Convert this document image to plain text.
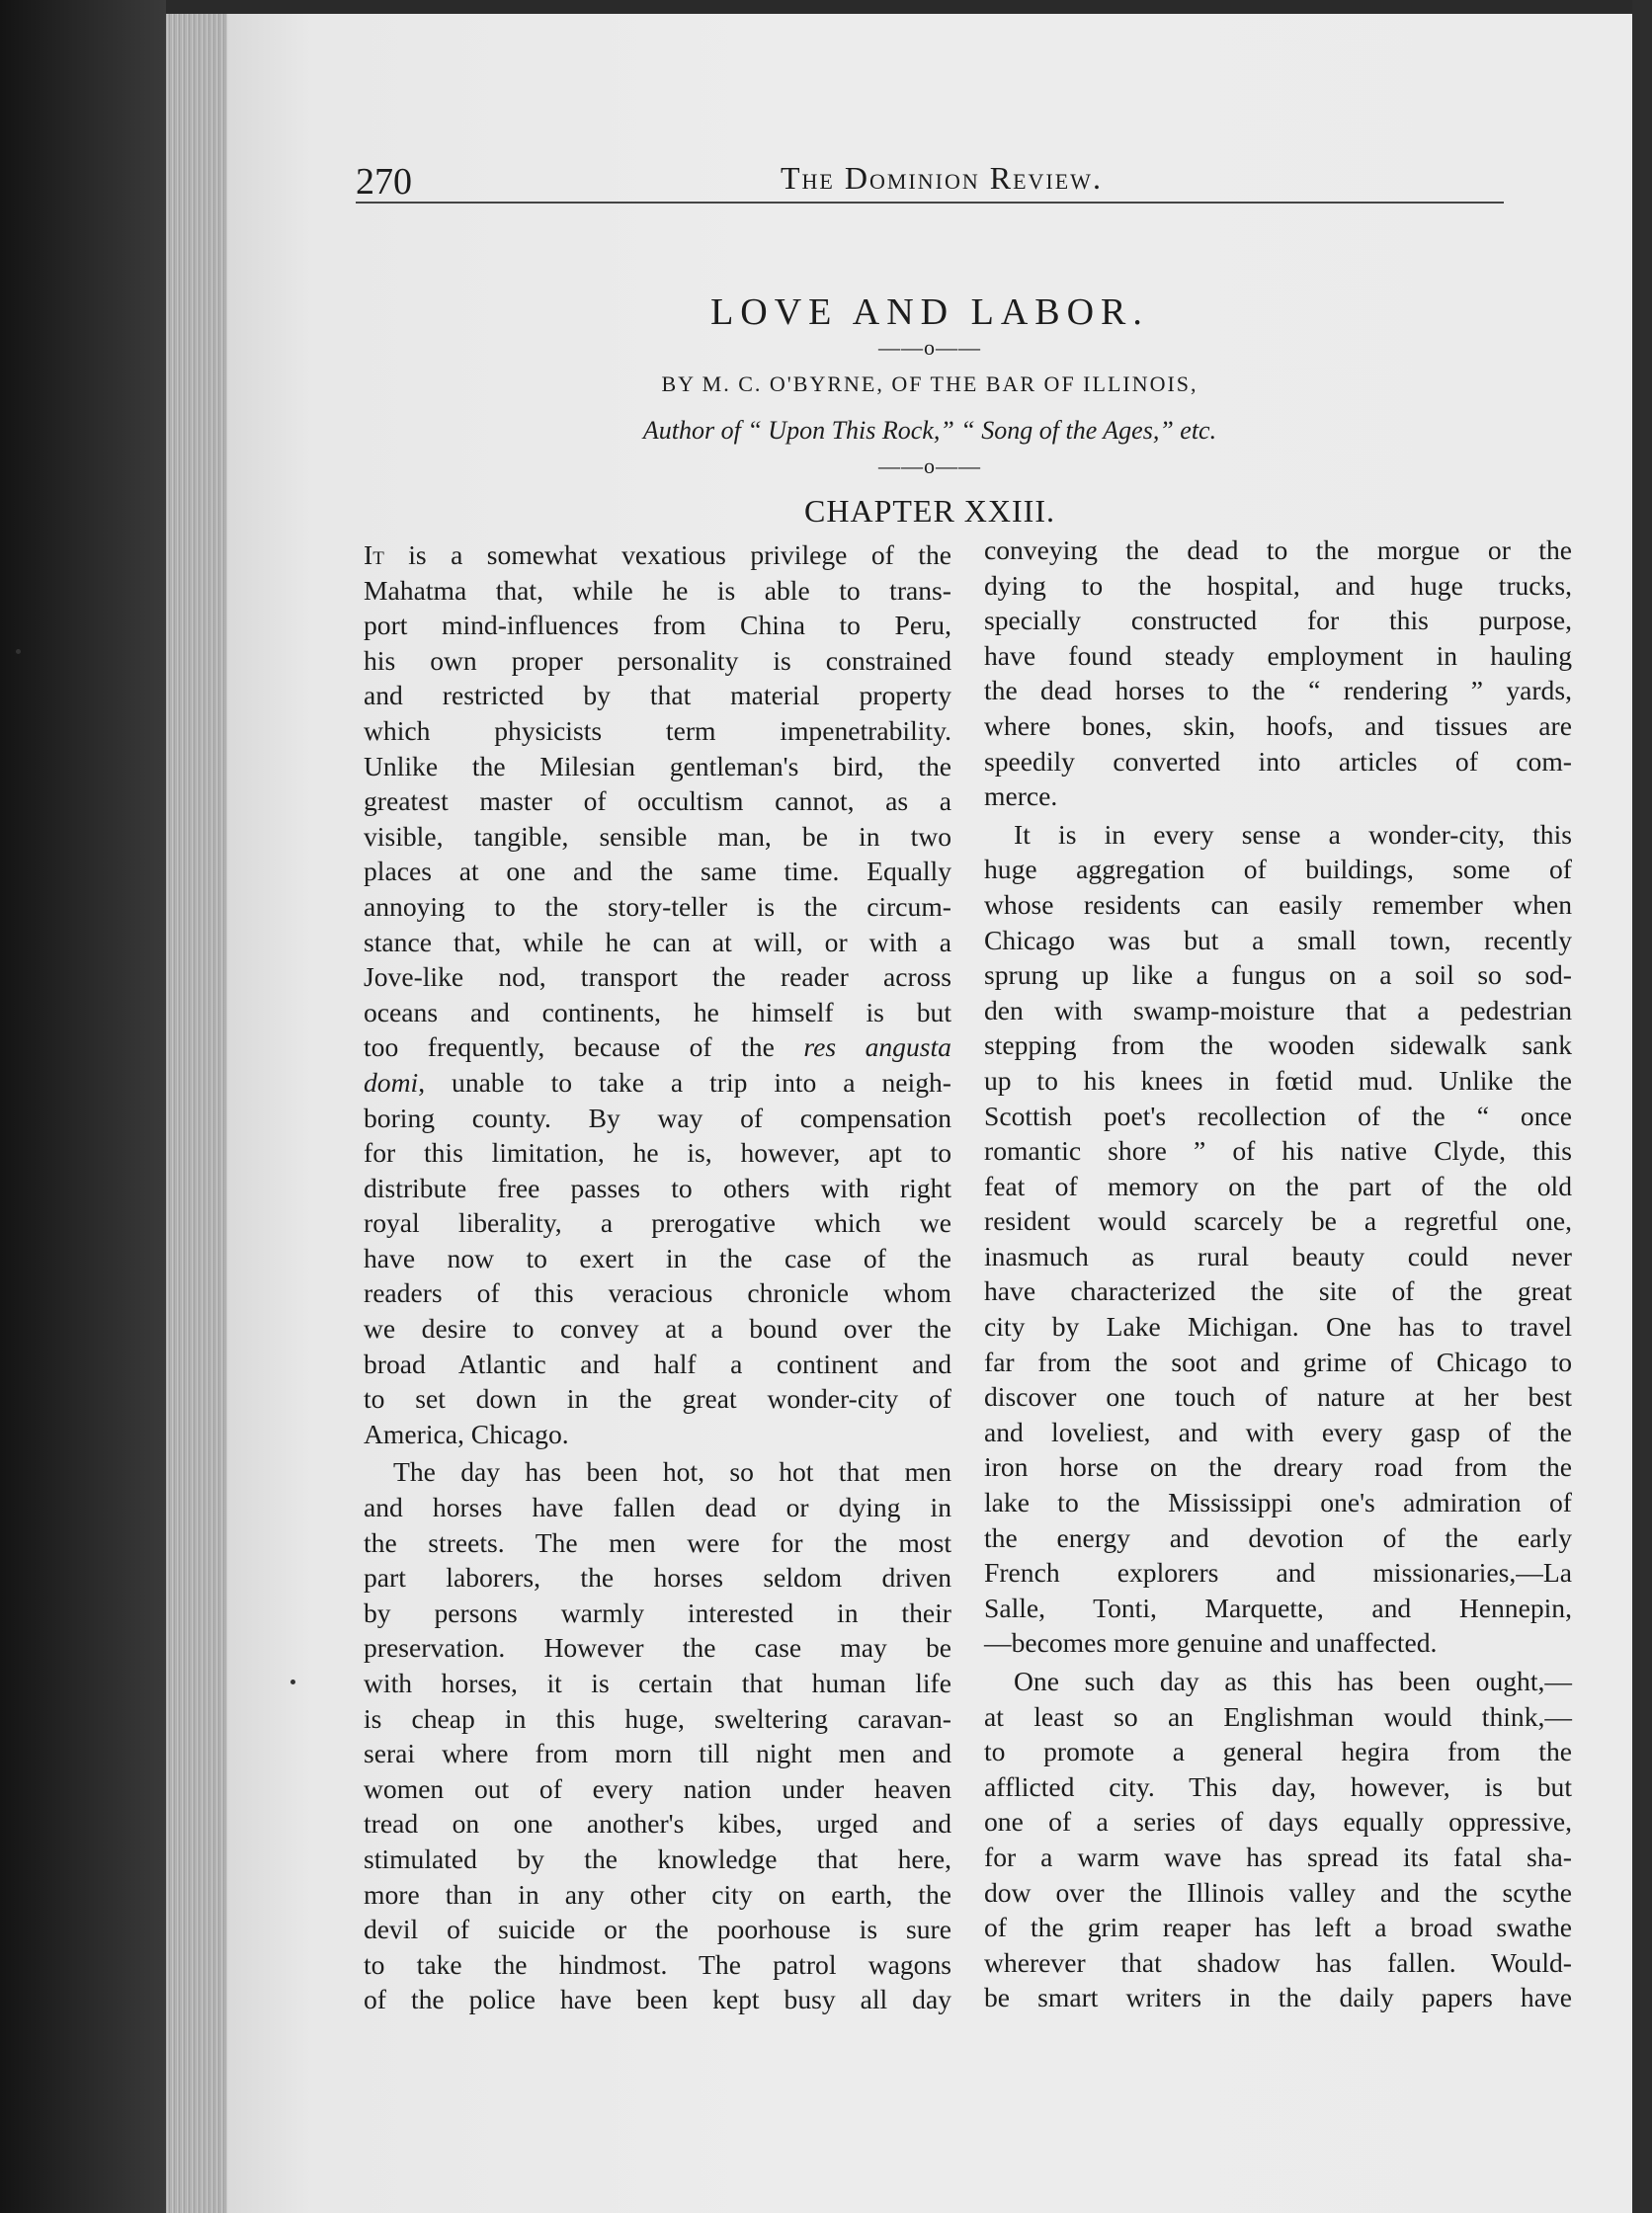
270	The Dominion Review.
LOVE AND LABOR.
——o——
BY M. C. O'BYRNE, OF THE BAR OF ILLINOIS,
Author of “ Upon This Rock,” “ Song of the Ages,” etc.
——o——
CHAPTER XXIII.
It is a somewhat vexatious privilege of the
Mahatma that, while he is able to trans-
port mind-influences from China to Peru,
his own proper personality is constrained
and restricted by that material property
which physicists term impenetrability.
Unlike the Milesian gentleman's bird, the
greatest master of occultism cannot, as a
visible, tangible, sensible man, be in two
places at one and the same time. Equally
annoying to the story-teller is the circum-
stance that, while he can at will, or with a
Jove-like nod, transport the reader across
oceans and continents, he himself is but
too frequently, because of the res angusta
domi, unable to take a trip into a neigh-
boring county. By way of compensation
for this limitation, he is, however, apt to
distribute free passes to others with right
royal liberality, a prerogative which we
have now to exert in the case of the
readers of this veracious chronicle whom
we desire to convey at a bound over the
broad Atlantic and half a continent and
to set down in the great wonder-city of
America, Chicago.
The day has been hot, so hot that men
and horses have fallen dead or dying in
the streets. The men were for the most
part laborers, the horses seldom driven
by persons warmly interested in their
preservation. However the case may be
with horses, it is certain that human life
is cheap in this huge, sweltering caravan-
serai where from morn till night men and
women out of every nation under heaven
tread on one another's kibes, urged and
stimulated by the knowledge that here,
more than in any other city on earth, the
devil of suicide or the poorhouse is sure
to take the hindmost. The patrol wagons
of the police have been kept busy all day
conveying the dead to the morgue or the
dying to the hospital, and huge trucks,
specially constructed for this purpose,
have found steady employment in hauling
the dead horses to the “ rendering ” yards,
where bones, skin, hoofs, and tissues are
speedily converted into articles of com-
merce.
It is in every sense a wonder-city, this
huge aggregation of buildings, some of
whose residents can easily remember when
Chicago was but a small town, recently
sprung up like a fungus on a soil so sod-
den with swamp-moisture that a pedestrian
stepping from the wooden sidewalk sank
up to his knees in fœtid mud. Unlike the
Scottish poet's recollection of the “ once
romantic shore ” of his native Clyde, this
feat of memory on the part of the old
resident would scarcely be a regretful one,
inasmuch as rural beauty could never
have characterized the site of the great
city by Lake Michigan. One has to travel
far from the soot and grime of Chicago to
discover one touch of nature at her best
and loveliest, and with every gasp of the
iron horse on the dreary road from the
lake to the Mississippi one's admiration of
the energy and devotion of the early
French explorers and missionaries,—La
Salle, Tonti, Marquette, and Hennepin,
—becomes more genuine and unaffected.
One such day as this has been ought,—
at least so an Englishman would think,—
to promote a general hegira from the
afflicted city. This day, however, is but
one of a series of days equally oppressive,
for a warm wave has spread its fatal sha-
dow over the Illinois valley and the scythe
of the grim reaper has left a broad swathe
wherever that shadow has fallen. Would-
be smart writers in the daily papers have
